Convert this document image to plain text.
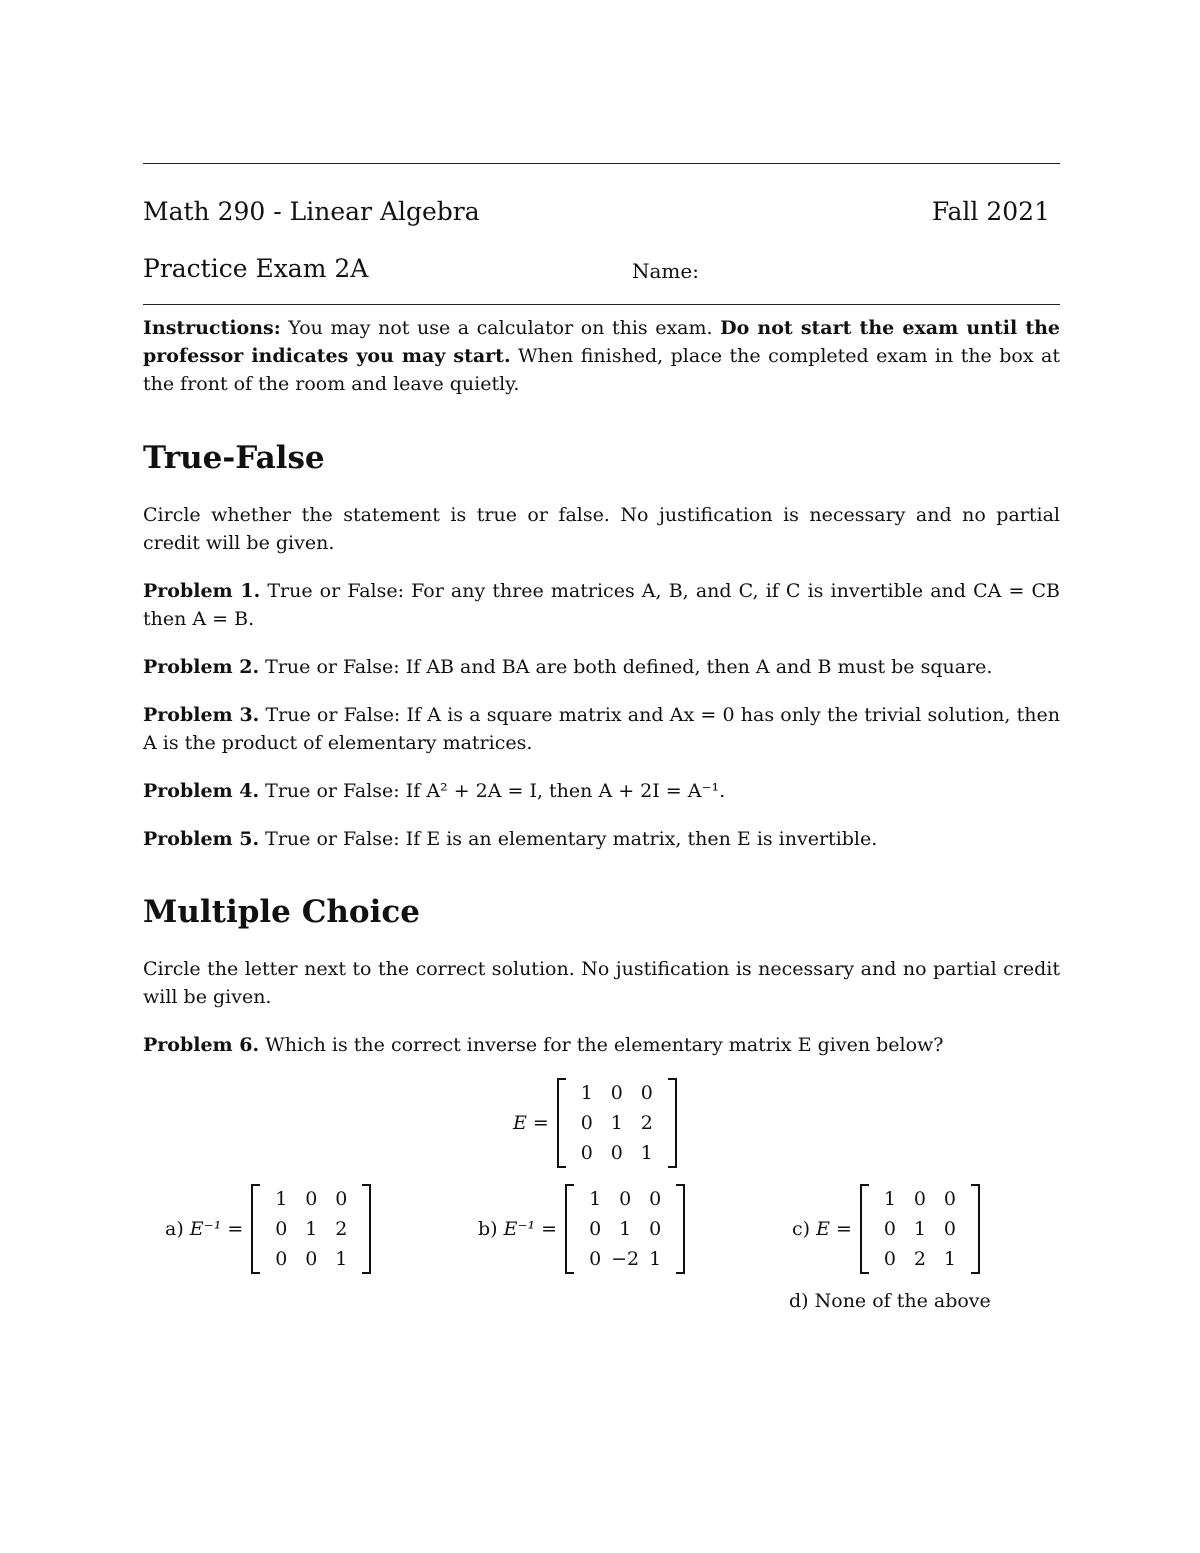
Math 290 - Linear Algebra	Fall 2021
Practice Exam 2A	Name:

Instructions: You may not use a calculator on this exam. Do not start the exam until the professor indicates you may start. When finished, place the completed exam in the box at the front of the room and leave quietly.

True-False

Circle whether the statement is true or false. No justification is necessary and no partial credit will be given.

Problem 1. True or False: For any three matrices A, B, and C, if C is invertible and CA = CB then A = B.

Problem 2. True or False: If AB and BA are both defined, then A and B must be square.

Problem 3. True or False: If A is a square matrix and Ax = 0 has only the trivial solution, then A is the product of elementary matrices.

Problem 4. True or False: If A² + 2A = I, then A + 2I = A⁻¹.

Problem 5. True or False: If E is an elementary matrix, then E is invertible.

Multiple Choice

Circle the letter next to the correct solution. No justification is necessary and no partial credit will be given.

Problem 6. Which is the correct inverse for the elementary matrix E given below?

E =
1 0 0
0 1 2
0 0 1
a)
E⁻¹ =
1 0 0
0 1 2
0 0 1
b)
E⁻¹ =
1 0 0
0 1 0
0 −2 1
c)
E =
1 0 0
0 1 0
0 2 1
d)
None of the above
